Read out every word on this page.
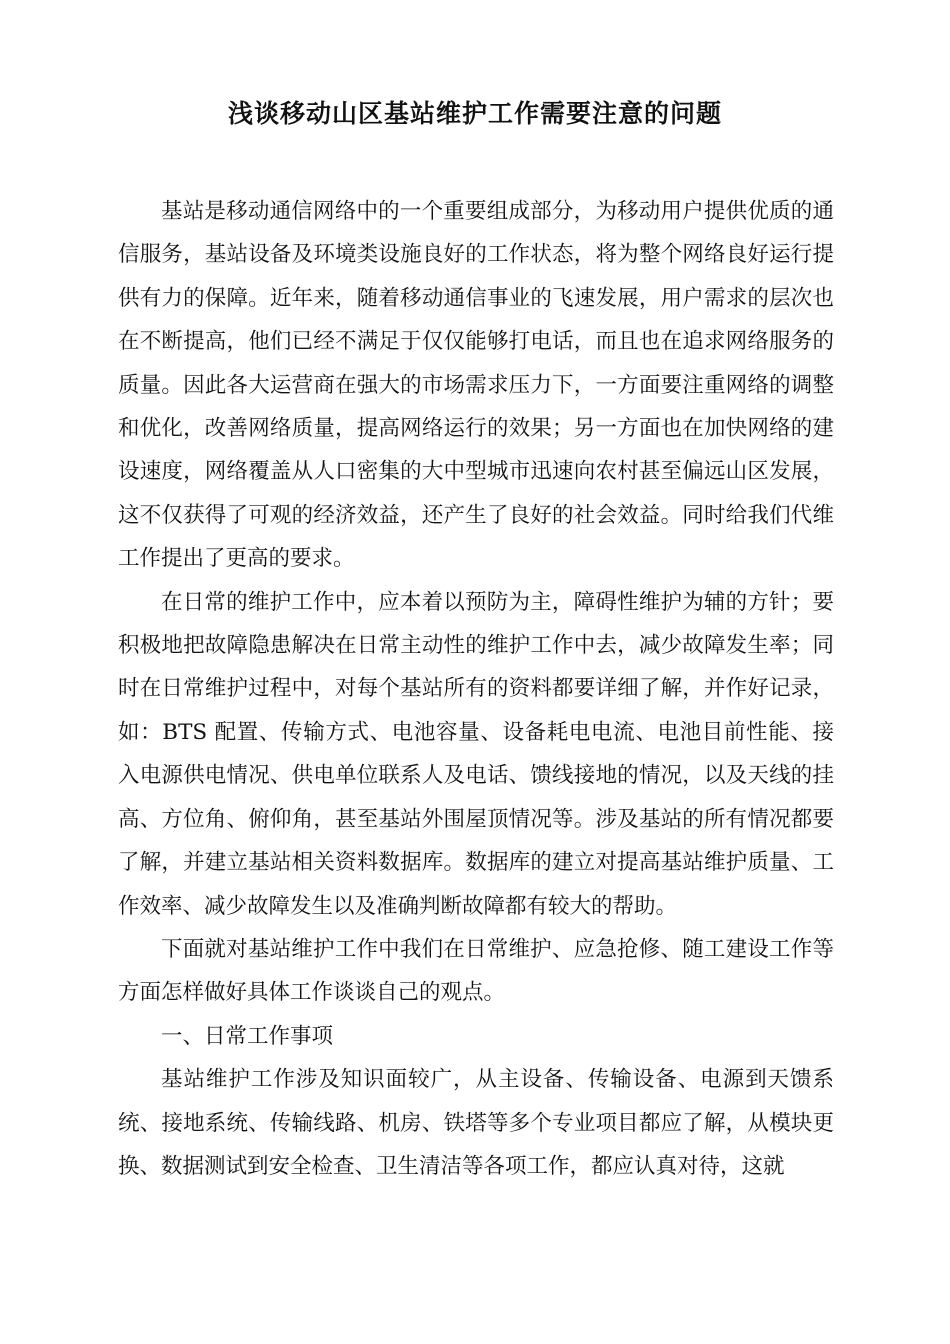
浅谈移动山区基站维护工作需要注意的问题

基站是移动通信网络中的一个重要组成部分，为移动用户提供优质的通信服务，基站设备及环境类设施良好的工作状态，将为整个网络良好运行提供有力的保障。近年来，随着移动通信事业的飞速发展，用户需求的层次也在不断提高，他们已经不满足于仅仅能够打电话，而且也在追求网络服务的质量。因此各大运营商在强大的市场需求压力下，一方面要注重网络的调整和优化，改善网络质量，提高网络运行的效果；另一方面也在加快网络的建设速度，网络覆盖从人口密集的大中型城市迅速向农村甚至偏远山区发展，这不仅获得了可观的经济效益，还产生了良好的社会效益。同时给我们代维工作提出了更高的要求。

在日常的维护工作中，应本着以预防为主，障碍性维护为辅的方针；要积极地把故障隐患解决在日常主动性的维护工作中去，减少故障发生率；同时在日常维护过程中，对每个基站所有的资料都要详细了解，并作好记录，如：BTS 配置、传输方式、电池容量、设备耗电电流、电池目前性能、接入电源供电情况、供电单位联系人及电话、馈线接地的情况，以及天线的挂高、方位角、俯仰角，甚至基站外围屋顶情况等。涉及基站的所有情况都要了解，并建立基站相关资料数据库。数据库的建立对提高基站维护质量、工作效率、减少故障发生以及准确判断故障都有较大的帮助。

下面就对基站维护工作中我们在日常维护、应急抢修、随工建设工作等方面怎样做好具体工作谈谈自己的观点。

一、日常工作事项

基站维护工作涉及知识面较广，从主设备、传输设备、电源到天馈系统、接地系统、传输线路、机房、铁塔等多个专业项目都应了解，从模块更换、数据测试到安全检查、卫生清洁等各项工作，都应认真对待，这就
